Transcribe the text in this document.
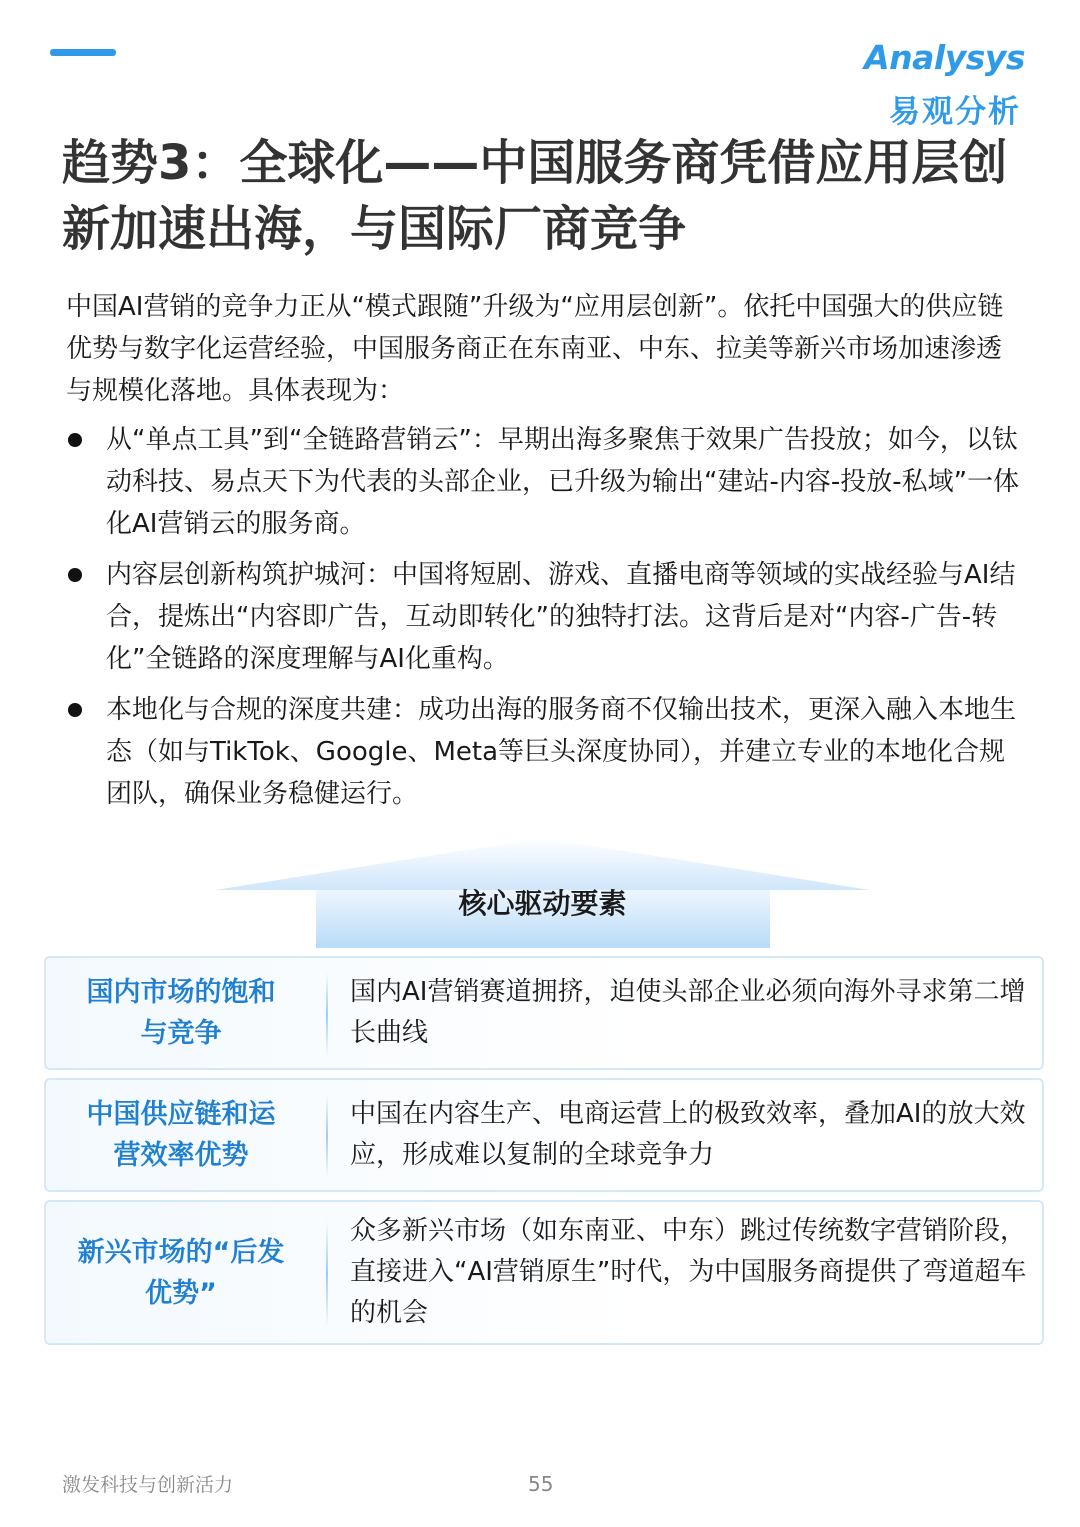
Analysys
易观分析
趋势3：全球化——中国服务商凭借应用层创新加速出海，与国际厂商竞争
中国AI营销的竞争力正从“模式跟随”升级为“应用层创新”。依托中国强大的供应链优势与数字化运营经验，中国服务商正在东南亚、中东、拉美等新兴市场加速渗透与规模化落地。具体表现为：
从“单点工具”到“全链路营销云”：早期出海多聚焦于效果广告投放；如今，以钛动科技、易点天下为代表的头部企业，已升级为输出“建站-内容-投放-私域”一体化AI营销云的服务商。
内容层创新构筑护城河：中国将短剧、游戏、直播电商等领域的实战经验与AI结合，提炼出“内容即广告，互动即转化”的独特打法。这背后是对“内容-广告-转化”全链路的深度理解与AI化重构。
本地化与合规的深度共建：成功出海的服务商不仅输出技术，更深入融入本地生态（如与TikTok、Google、Meta等巨头深度协同），并建立专业的本地化合规团队，确保业务稳健运行。
核心驱动要素
国内市场的饱和与竞争
国内AI营销赛道拥挤，迫使头部企业必须向海外寻求第二增长曲线
中国供应链和运营效率优势
中国在内容生产、电商运营上的极致效率，叠加AI的放大效应，形成难以复制的全球竞争力
新兴市场的“后发优势”
众多新兴市场（如东南亚、中东）跳过传统数字营销阶段，直接进入“AI营销原生”时代，为中国服务商提供了弯道超车的机会
激发科技与创新活力	55
